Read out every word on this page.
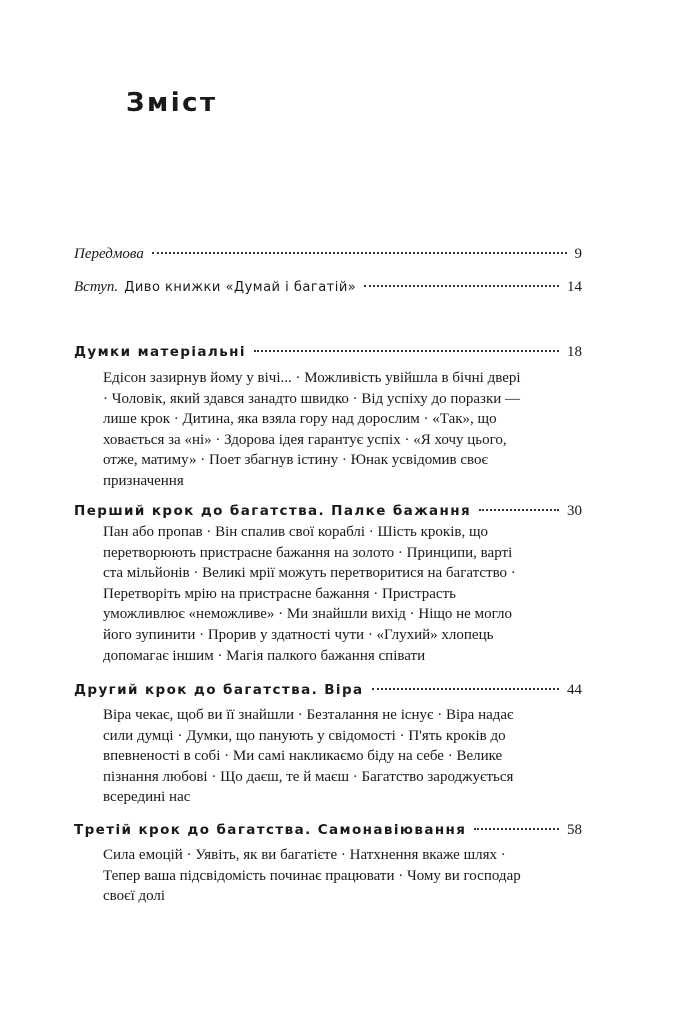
Зміст
Передмова	9
Вступ. Диво книжки «Думай і багатій»	14
Думки матеріальні	18

Едісон зазирнув йому у вічі... · Можливість увійшла в бічні двері · Чоловік, який здався занадто швидко · Від успіху до поразки — лише крок · Дитина, яка взяла гору над дорослим · «Так», що ховається за «ні» · Здорова ідея гарантує успіх · «Я хочу цього, отже, матиму» · Поет збагнув істину · Юнак усвідомив своє призначення

Перший крок до багатства. Палке бажання	30

Пан або пропав · Він спалив свої кораблі · Шість кроків, що перетворюють пристрасне бажання на золото · Принципи, варті ста мільйонів · Великі мрії можуть перетворитися на багатство · Перетворіть мрію на пристрасне бажання · Пристрасть уможливлює «неможливе» · Ми знайшли вихід · Ніщо не могло його зупинити · Прорив у здатності чути · «Глухий» хлопець допомагає іншим · Магія палкого бажання співати

Другий крок до багатства. Віра	44

Віра чекає, щоб ви її знайшли · Безталання не існує · Віра надає сили думці · Думки, що панують у свідомості · П'ять кроків до впевненості в собі · Ми самі накликаємо біду на себе · Велике пізнання любові · Що даєш, те й маєш · Багатство зароджується всередині нас

Третій крок до багатства. Самонавіювання	58

Сила емоцій · Уявіть, як ви багатієте · Натхнення вкаже шлях · Тепер ваша підсвідомість починає працювати · Чому ви господар своєї долі
